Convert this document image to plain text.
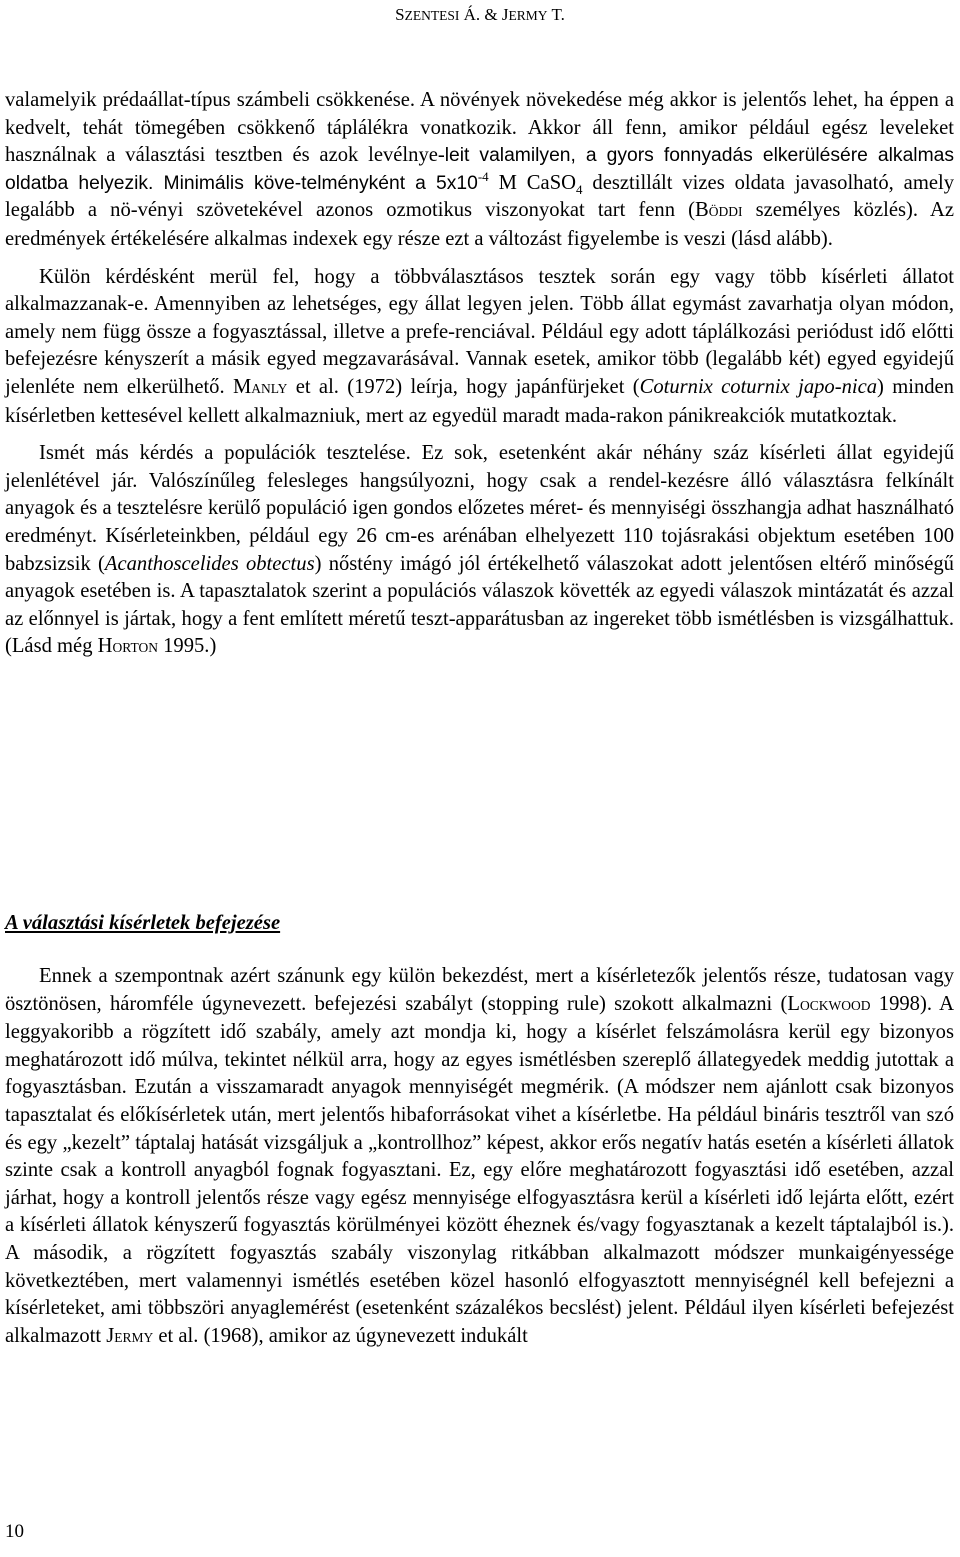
SZENTESI Á. & JERMY T.

valamelyik prédaállat-típus számbeli csökkenése. A növények növekedése még akkor is jelentős lehet, ha éppen a kedvelt, tehát tömegében csökkenő táplálékra vonatkozik. Akkor áll fenn, amikor például egész leveleket használnak a választási tesztben és azok levélnye-leit valamilyen, a gyors fonnyadás elkerülésére alkalmas oldatba helyezik. Minimális köve-telményként a $5x10^{-4}$ M CaSO$_4$ desztillált vizes oldata javasolható, amely legalább a nö-vényi szövetekével azonos ozmotikus viszonyokat tart fenn (BÖDDI személyes közlés). Az eredmények értékelésére alkalmas indexek egy része ezt a változást figyelembe is veszi (lásd alább).

Külön kérdésként merül fel, hogy a többválasztásos tesztek során egy vagy több kísérleti állatot alkalmazzanak-e. Amennyiben az lehetséges, egy állat legyen jelen. Több állat egymást zavarhatja olyan módon, amely nem függ össze a fogyasztással, illetve a prefe-renciával. Például egy adott táplálkozási periódust idő előtti befejezésre kényszerít a másik egyed megzavarásával. Vannak esetek, amikor több (legalább két) egyed egyidejű jelenléte nem elkerülhető. MANLY et al. (1972) leírja, hogy japánfürjeket (Coturnix coturnix japo-nica) minden kísérletben kettesével kellett alkalmazniuk, mert az egyedül maradt mada-rakon pánikreakciók mutatkoztak.

Ismét más kérdés a populációk tesztelése. Ez sok, esetenként akár néhány száz kísérleti állat egyidejű jelenlétével jár. Valószínűleg felesleges hangsúlyozni, hogy csak a rendel-kezésre álló választásra felkínált anyagok és a tesztelésre kerülő populáció igen gondos előzetes méret- és mennyiségi összhangja adhat használható eredményt. Kísérleteinkben, például egy 26 cm-es arénában elhelyezett 110 tojásrakási objektum esetében 100 babzsizsik (Acanthoscelides obtectus) nőstény imágó jól értékelhető válaszokat adott jelentősen eltérő minőségű anyagok esetében is. A tapasztalatok szerint a populációs válaszok követték az egyedi válaszok mintázatát és azzal az előnnyel is jártak, hogy a fent említett méretű teszt-apparátusban az ingereket több ismétlésben is vizsgálhattuk. (Lásd még HORTON 1995.)

A választási kísérletek befejezése

Ennek a szempontnak azért szánunk egy külön bekezdést, mert a kísérletezők jelentős része, tudatosan vagy ösztönösen, háromféle úgynevezett. befejezési szabályt (stopping rule) szokott alkalmazni (LOCKWOOD 1998). A leggyakoribb a rögzített idő szabály, amely azt mondja ki, hogy a kísérlet felszámolásra kerül egy bizonyos meghatározott idő múlva, tekintet nélkül arra, hogy az egyes ismétlésben szereplő állategyedek meddig jutottak a fogyasztásban. Ezután a visszamaradt anyagok mennyiségét megmérik. (A módszer nem ajánlott csak bizonyos tapasztalat és előkísérletek után, mert jelentős hibaforrásokat vihet a kísérletbe. Ha például bináris tesztről van szó és egy „kezelt” táptalaj hatását vizsgáljuk a „kontrollhoz” képest, akkor erős negatív hatás esetén a kísérleti állatok szinte csak a kontroll anyagból fognak fogyasztani. Ez, egy előre meghatározott fogyasztási idő esetében, azzal járhat, hogy a kontroll jelentős része vagy egész mennyisége elfogyasztásra kerül a kísérleti idő lejárta előtt, ezért a kísérleti állatok kényszerű fogyasztás körülményei között éheznek és/vagy fogyasztanak a kezelt táptalajból is.). A második, a rögzített fogyasztás szabály viszonylag ritkábban alkalmazott módszer munkaigényessége következtében, mert valamennyi ismétlés esetében közel hasonló elfogyasztott mennyiségnél kell befejezni a kísérleteket, ami többszöri anyaglemérést (esetenként százalékos becslést) jelent. Például ilyen kísérleti befejezést alkalmazott JERMY et al. (1968), amikor az úgynevezett indukált

10
